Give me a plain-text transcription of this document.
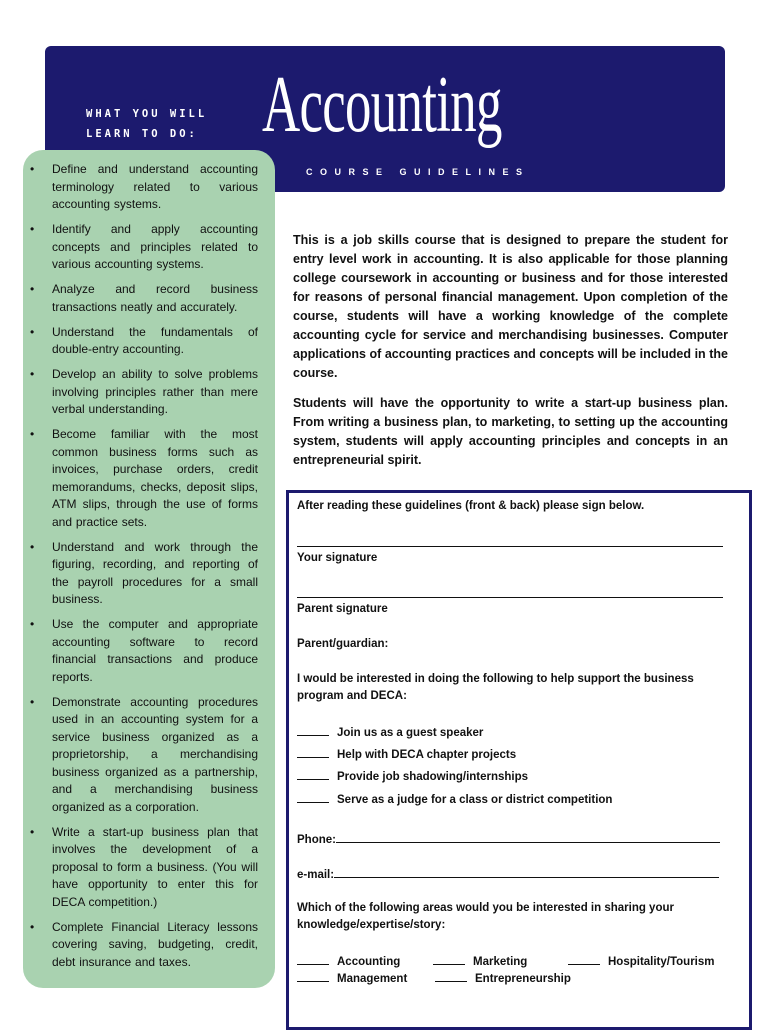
WHAT YOU WILL
LEARN TO DO: Accounting
COURSE GUIDELINES
• Define and understand accounting terminology related to various accounting systems.
• Identify and apply accounting concepts and principles related to various accounting systems.
• Analyze and record business transactions neatly and accurately.
• Understand the fundamentals of double-entry accounting.
• Develop an ability to solve problems involving principles rather than mere verbal understanding.
• Become familiar with the most common business forms such as invoices, purchase orders, credit memorandums, checks, deposit slips, ATM slips, through the use of forms and practice sets.
• Understand and work through the figuring, recording, and reporting of the payroll procedures for a small business.
• Use the computer and appropriate accounting software to record financial transactions and produce reports.
• Demonstrate accounting procedures used in an accounting system for a service business organized as a proprietorship, a merchandising business organized as a partnership, and a merchandising business organized as a corporation.
• Write a start-up business plan that involves the development of a proposal to form a business. (You will have opportunity to enter this for DECA competition.)
• Complete Financial Literacy lessons covering saving, budgeting, credit, debt insurance and taxes.

This is a job skills course that is designed to prepare the student for entry level work in accounting. It is also applicable for those planning college coursework in accounting or business and for those interested for reasons of personal financial management. Upon completion of the course, students will have a working knowledge of the complete accounting cycle for service and merchandising businesses. Computer applications of accounting practices and concepts will be included in the course.

Students will have the opportunity to write a start-up business plan. From writing a business plan, to marketing, to setting up the accounting system, students will apply accounting principles and concepts in an entrepreneurial spirit.

After reading these guidelines (front & back) please sign below.
Your signature
Parent signature
Parent/guardian:
I would be interested in doing the following to help support the business program and DECA:
Join us as a guest speaker
Help with DECA chapter projects
Provide job shadowing/internships
Serve as a judge for a class or district competition
Phone:
e-mail:
Which of the following areas would you be interested in sharing your knowledge/expertise/story:
Accounting	Marketing	Hospitality/Tourism
Management	Entrepreneurship
